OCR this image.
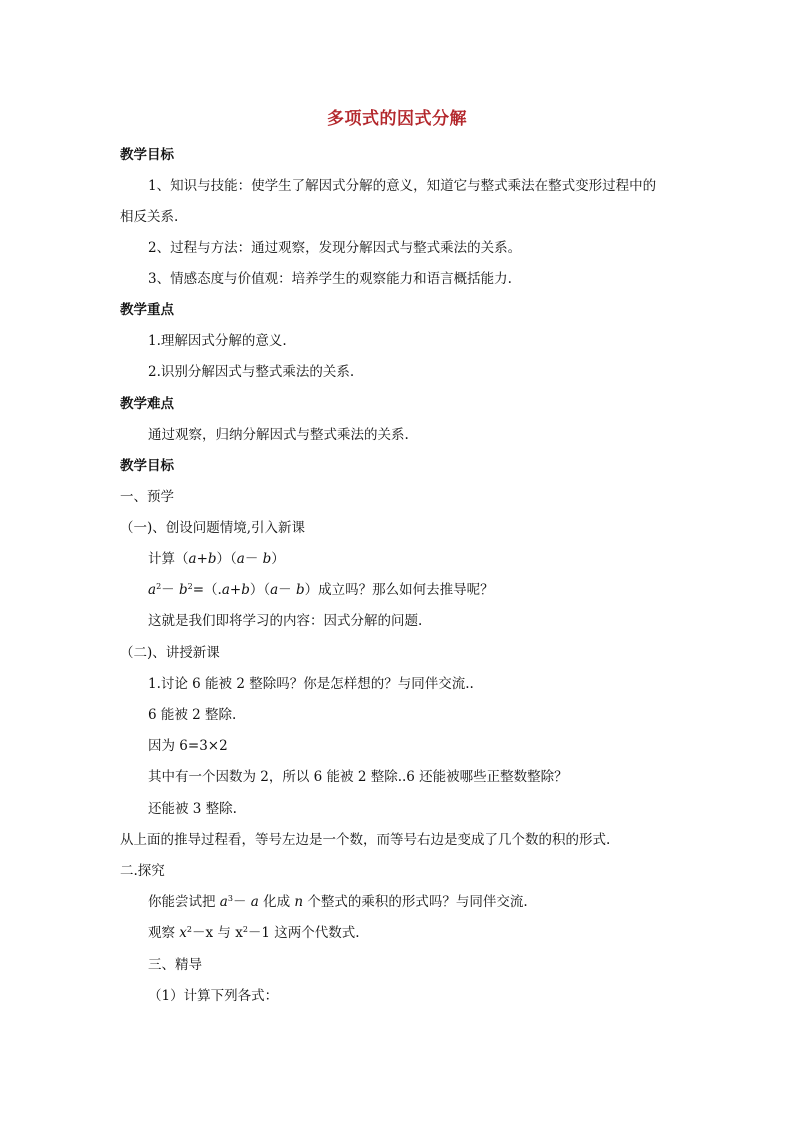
多项式的因式分解
教学目标
1、知识与技能：使学生了解因式分解的意义，知道它与整式乘法在整式变形过程中的
相反关系.
2、过程与方法：通过观察，发现分解因式与整式乘法的关系。
3、情感态度与价值观：培养学生的观察能力和语言概括能力.
教学重点
1.理解因式分解的意义.
2.识别分解因式与整式乘法的关系.
教学难点
通过观察，归纳分解因式与整式乘法的关系.
教学目标
一、预学
（一)、创设问题情境,引入新课
计算（a+b）（a－ b）
$a^2- b^2=(.a+b)(a- b)$成立吗？那么如何去推导呢？
这就是我们即将学习的内容：因式分解的问题.
（二)、讲授新课
1.讨论 6 能被 2 整除吗？你是怎样想的？与同伴交流..
6 能被 2 整除.
因为 6=3×2
其中有一个因数为 2，所以 6 能被 2 整除..6 还能被哪些正整数整除？
还能被 3 整除.
从上面的推导过程看，等号左边是一个数，而等号右边是变成了几个数的积的形式.
二.探究
你能尝试把 $a^3- a$ 化成 n 个整式的乘积的形式吗？与同伴交流.
观察 $x^2-x$ 与 $x^2-1$ 这两个代数式.
三、精导
（1）计算下列各式：
